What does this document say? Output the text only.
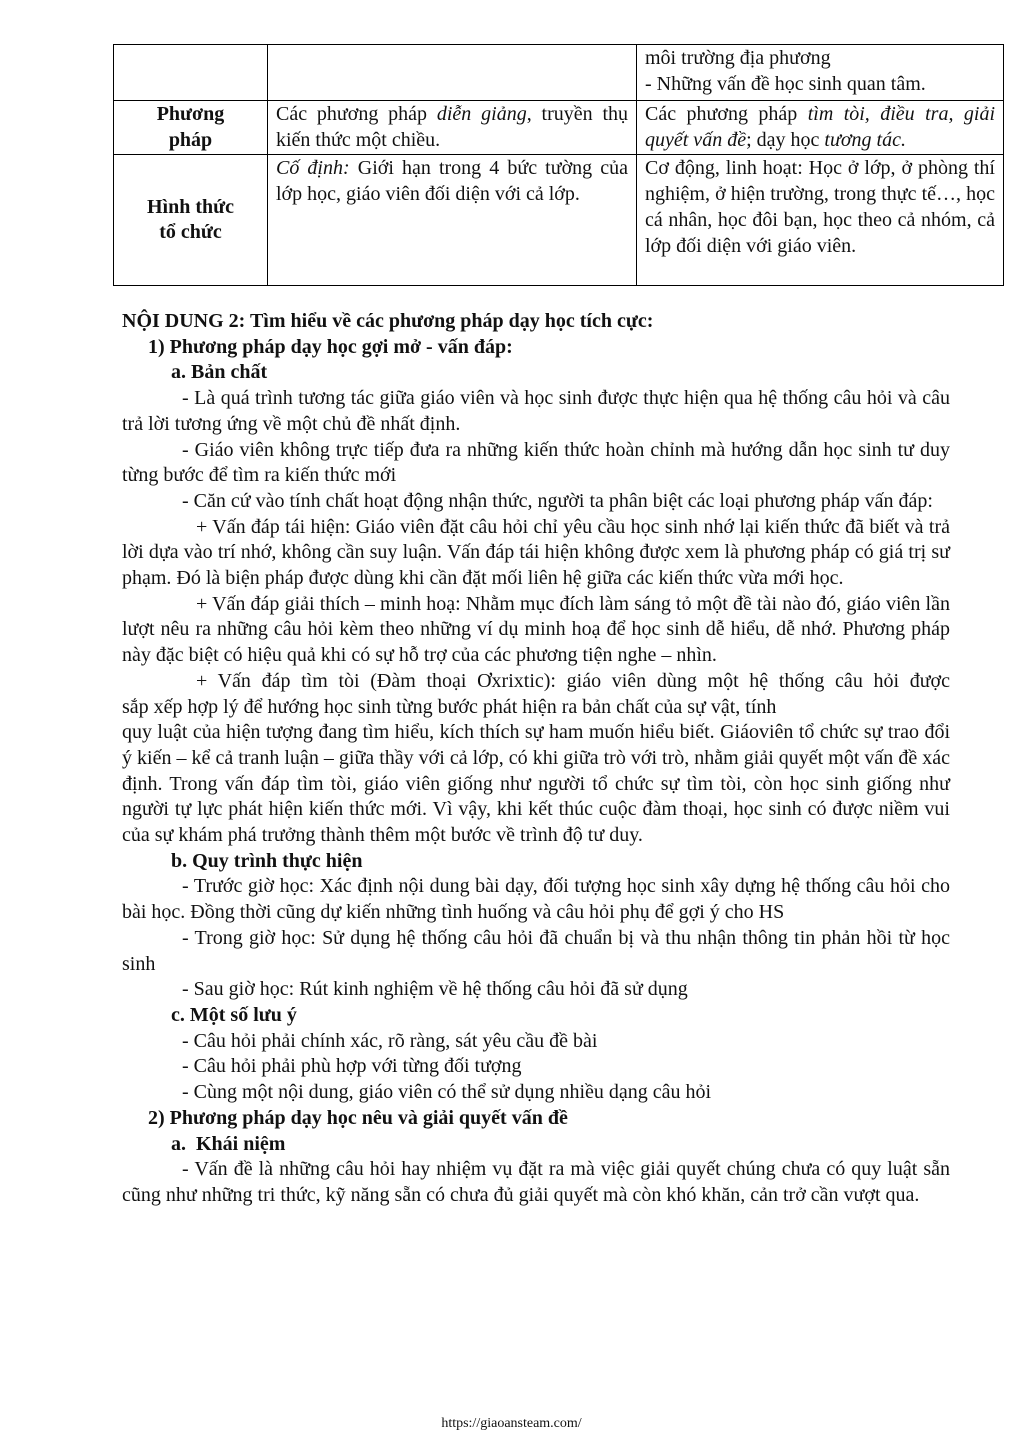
		môi trường địa phương
- Những vấn đề học sinh quan tâm.

Phương
pháp	Các phương pháp diễn giảng, truyền thụ kiến thức một chiều.	Các phương pháp tìm tòi, điều tra, giải quyết vấn đề; dạy học tương tác.

Hình thức
tổ chức	Cố định: Giới hạn trong 4 bức tường của lớp học, giáo viên đối diện với cả lớp.	Cơ động, linh hoạt: Học ở lớp, ở phòng thí nghiệm, ở hiện trường, trong thực tế…, học cá nhân, học đôi bạn, học theo cả nhóm, cả lớp đối diện với giáo viên.

NỘI DUNG 2: Tìm hiểu về các phương pháp dạy học tích cực:

1) Phương pháp dạy học gợi mở - vấn đáp:

a. Bản chất

- Là quá trình tương tác giữa giáo viên và học sinh được thực hiện qua hệ thống câu hỏi và câu trả lời tương ứng về một chủ đề nhất định.

- Giáo viên không trực tiếp đưa ra những kiến thức hoàn chỉnh mà hướng dẫn học sinh tư duy từng bước để tìm ra kiến thức mới

- Căn cứ vào tính chất hoạt động nhận thức, người ta phân biệt các loại phương pháp vấn đáp:

+ Vấn đáp tái hiện: Giáo viên đặt câu hỏi chỉ yêu cầu học sinh nhớ lại kiến thức đã biết và trả lời dựa vào trí nhớ, không cần suy luận. Vấn đáp tái hiện không được xem là phương pháp có giá trị sư phạm. Đó là biện pháp được dùng khi cần đặt mối liên hệ giữa các kiến thức vừa mới học.

+ Vấn đáp giải thích – minh hoạ: Nhằm mục đích làm sáng tỏ một đề tài nào đó, giáo viên lần lượt nêu ra những câu hỏi kèm theo những ví dụ minh hoạ để học sinh dễ hiểu, dễ nhớ. Phương pháp này đặc biệt có hiệu quả khi có sự hỗ trợ của các phương tiện nghe – nhìn.

+ Vấn đáp tìm tòi (Đàm thoại Ơxrixtic): giáo viên dùng một hệ thống câu hỏi được

sắp xếp hợp lý để hướng học sinh từng bước phát hiện ra bản chất của sự vật, tính

quy luật của hiện tượng đang tìm hiểu, kích thích sự ham muốn hiểu biết. Giáoviên tổ chức sự trao đổi ý kiến – kể cả tranh luận – giữa thầy với cả lớp, có khi giữa trò với trò, nhằm giải quyết một vấn đề xác định. Trong vấn đáp tìm tòi, giáo viên giống như người tổ chức sự tìm tòi, còn học sinh giống như người tự lực phát hiện kiến thức mới. Vì vậy, khi kết thúc cuộc đàm thoại, học sinh có được niềm vui của sự khám phá trưởng thành thêm một bước về trình độ tư duy.

b. Quy trình thực hiện

- Trước giờ học: Xác định nội dung bài dạy, đối tượng học sinh xây dựng hệ thống câu hỏi cho bài học. Đồng thời cũng dự kiến những tình huống và câu hỏi phụ để gợi ý cho HS

- Trong giờ học: Sử dụng hệ thống câu hỏi đã chuẩn bị và thu nhận thông tin phản hồi từ học sinh

- Sau giờ học: Rút kinh nghiệm về hệ thống câu hỏi đã sử dụng

c. Một số lưu ý

- Câu hỏi phải chính xác, rõ ràng, sát yêu cầu đề bài

- Câu hỏi phải phù hợp với từng đối tượng

- Cùng một nội dung, giáo viên có thể sử dụng nhiều dạng câu hỏi

2) Phương pháp dạy học nêu và giải quyết vấn đề

a.  Khái niệm

- Vấn đề là những câu hỏi hay nhiệm vụ đặt ra mà việc giải quyết chúng chưa có quy luật sẵn cũng như những tri thức, kỹ năng sẵn có chưa đủ giải quyết mà còn khó khăn, cản trở cần vượt qua.

https://giaoansteam.com/
